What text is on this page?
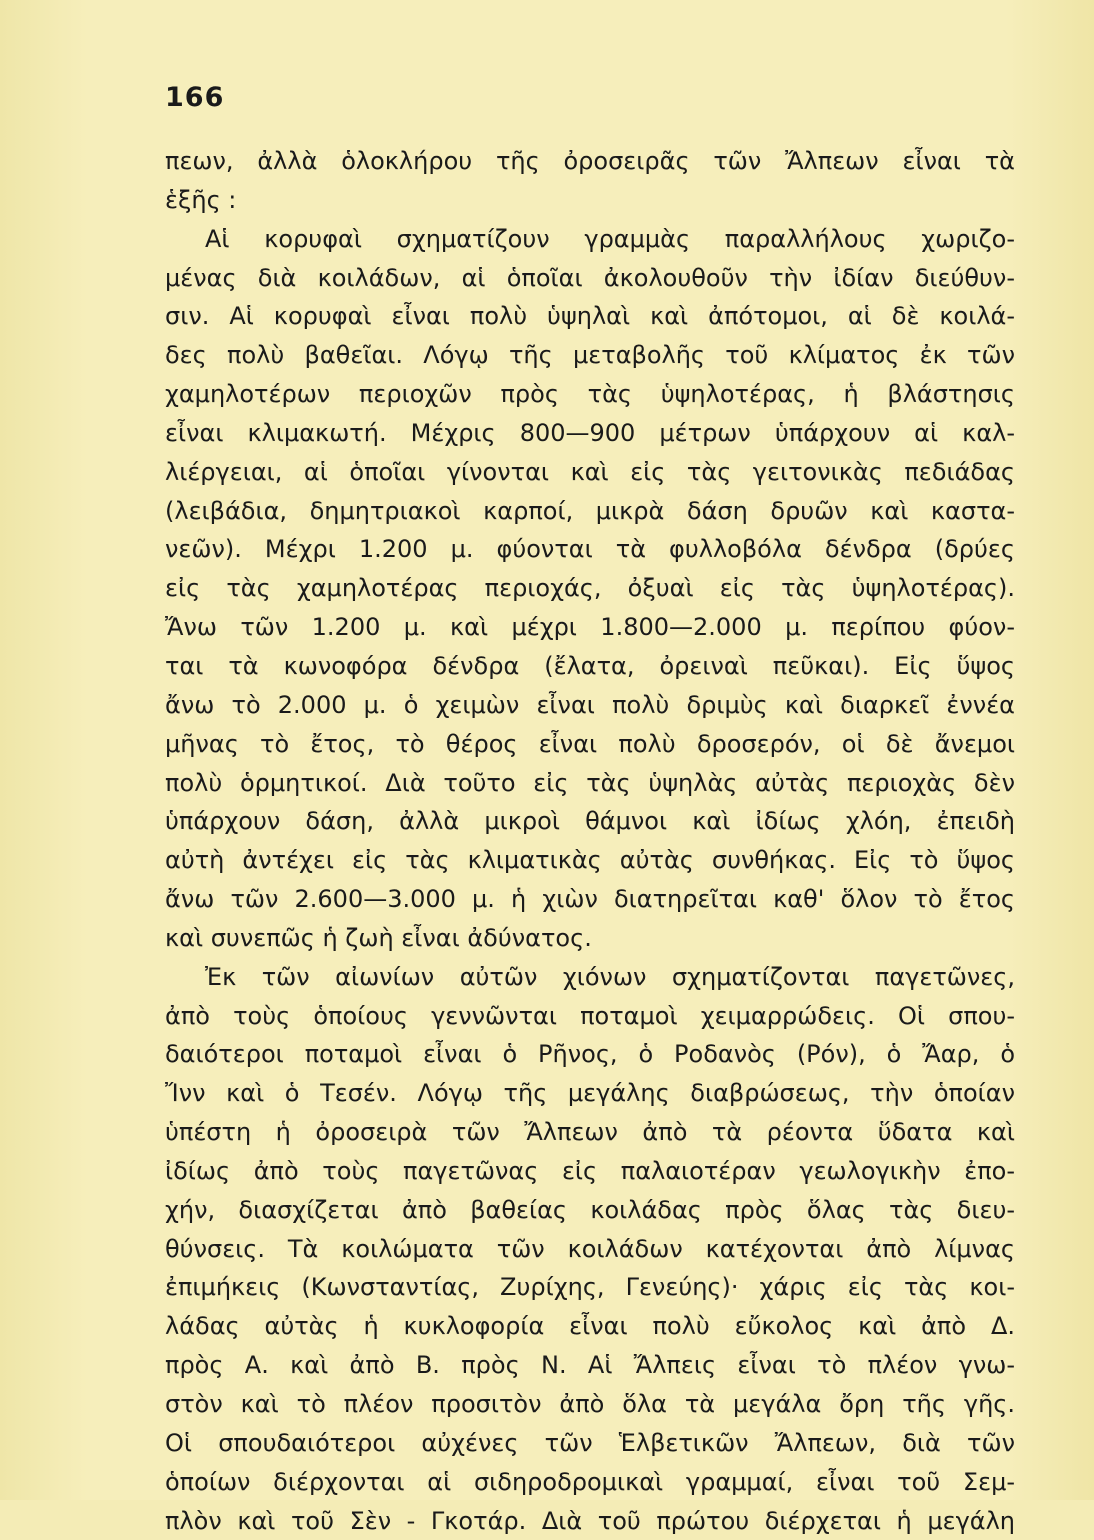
166
πεων, ἀλλὰ ὁλοκλήρου τῆς ὀροσειρᾶς τῶν Ἄλπεων εἶναι τὰ
ἑξῆς :
Αἱ κορυφαὶ σχηματίζουν γραμμὰς παραλλήλους χωριζο-
μένας διὰ κοιλάδων, αἱ ὁποῖαι ἀκολουθοῦν τὴν ἰδίαν διεύθυν-
σιν. Αἱ κορυφαὶ εἶναι πολὺ ὑψηλαὶ καὶ ἀπότομοι, αἱ δὲ κοιλά-
δες πολὺ βαθεῖαι. Λόγῳ τῆς μεταβολῆς τοῦ κλίματος ἐκ τῶν
χαμηλοτέρων περιοχῶν πρὸς τὰς ὑψηλοτέρας, ἡ βλάστησις
εἶναι κλιμακωτή. Μέχρις 800—900 μέτρων ὑπάρχουν αἱ καλ-
λιέργειαι, αἱ ὁποῖαι γίνονται καὶ εἰς τὰς γειτονικὰς πεδιάδας
(λειβάδια, δημητριακοὶ καρποί, μικρὰ δάση δρυῶν καὶ καστα-
νεῶν). Μέχρι 1.200 μ. φύονται τὰ φυλλοβόλα δένδρα (δρύες
εἰς τὰς χαμηλοτέρας περιοχάς, ὀξυαὶ εἰς τὰς ὑψηλοτέρας).
Ἄνω τῶν 1.200 μ. καὶ μέχρι 1.800—2.000 μ. περίπου φύον-
ται τὰ κωνοφόρα δένδρα (ἔλατα, ὀρειναὶ πεῦκαι). Εἰς ὕψος
ἄνω τὸ 2.000 μ. ὁ χειμὼν εἶναι πολὺ δριμὺς καὶ διαρκεῖ ἐννέα
μῆνας τὸ ἔτος, τὸ θέρος εἶναι πολὺ δροσερόν, οἱ δὲ ἄνεμοι
πολὺ ὁρμητικοί. Διὰ τοῦτο εἰς τὰς ὑψηλὰς αὐτὰς περιοχὰς δὲν
ὑπάρχουν δάση, ἀλλὰ μικροὶ θάμνοι καὶ ἰδίως χλόη, ἐπειδὴ
αὐτὴ ἀντέχει εἰς τὰς κλιματικὰς αὐτὰς συνθήκας. Εἰς τὸ ὕψος
ἄνω τῶν 2.600—3.000 μ. ἡ χιὼν διατηρεῖται καθ' ὅλον τὸ ἔτος
καὶ συνεπῶς ἡ ζωὴ εἶναι ἀδύνατος.
Ἐκ τῶν αἰωνίων αὐτῶν χιόνων σχηματίζονται παγετῶνες,
ἀπὸ τοὺς ὁποίους γεννῶνται ποταμοὶ χειμαρρώδεις. Οἱ σπου-
δαιότεροι ποταμοὶ εἶναι ὁ Ρῆνος, ὁ Ροδανὸς (Ρόν), ὁ Ἄαρ, ὁ
Ἴνν καὶ ὁ Τεσέν. Λόγῳ τῆς μεγάλης διαβρώσεως, τὴν ὁποίαν
ὑπέστη ἡ ὀροσειρὰ τῶν Ἄλπεων ἀπὸ τὰ ρέοντα ὕδατα καὶ
ἰδίως ἀπὸ τοὺς παγετῶνας εἰς παλαιοτέραν γεωλογικὴν ἐπο-
χήν, διασχίζεται ἀπὸ βαθείας κοιλάδας πρὸς ὅλας τὰς διευ-
θύνσεις. Τὰ κοιλώματα τῶν κοιλάδων κατέχονται ἀπὸ λίμνας
ἐπιμήκεις (Κωνσταντίας, Ζυρίχης, Γενεύης)· χάρις εἰς τὰς κοι-
λάδας αὐτὰς ἡ κυκλοφορία εἶναι πολὺ εὔκολος καὶ ἀπὸ Δ.
πρὸς Α. καὶ ἀπὸ Β. πρὸς Ν. Αἱ Ἄλπεις εἶναι τὸ πλέον γνω-
στὸν καὶ τὸ πλέον προσιτὸν ἀπὸ ὅλα τὰ μεγάλα ὄρη τῆς γῆς.
Οἱ σπουδαιότεροι αὐχένες τῶν Ἑλβετικῶν Ἄλπεων, διὰ τῶν
ὁποίων διέρχονται αἱ σιδηροδρομικαὶ γραμμαί, εἶναι τοῦ Σεμ-
πλὸν καὶ τοῦ Σὲν - Γκοτάρ. Διὰ τοῦ πρώτου διέρχεται ἡ μεγάλη
